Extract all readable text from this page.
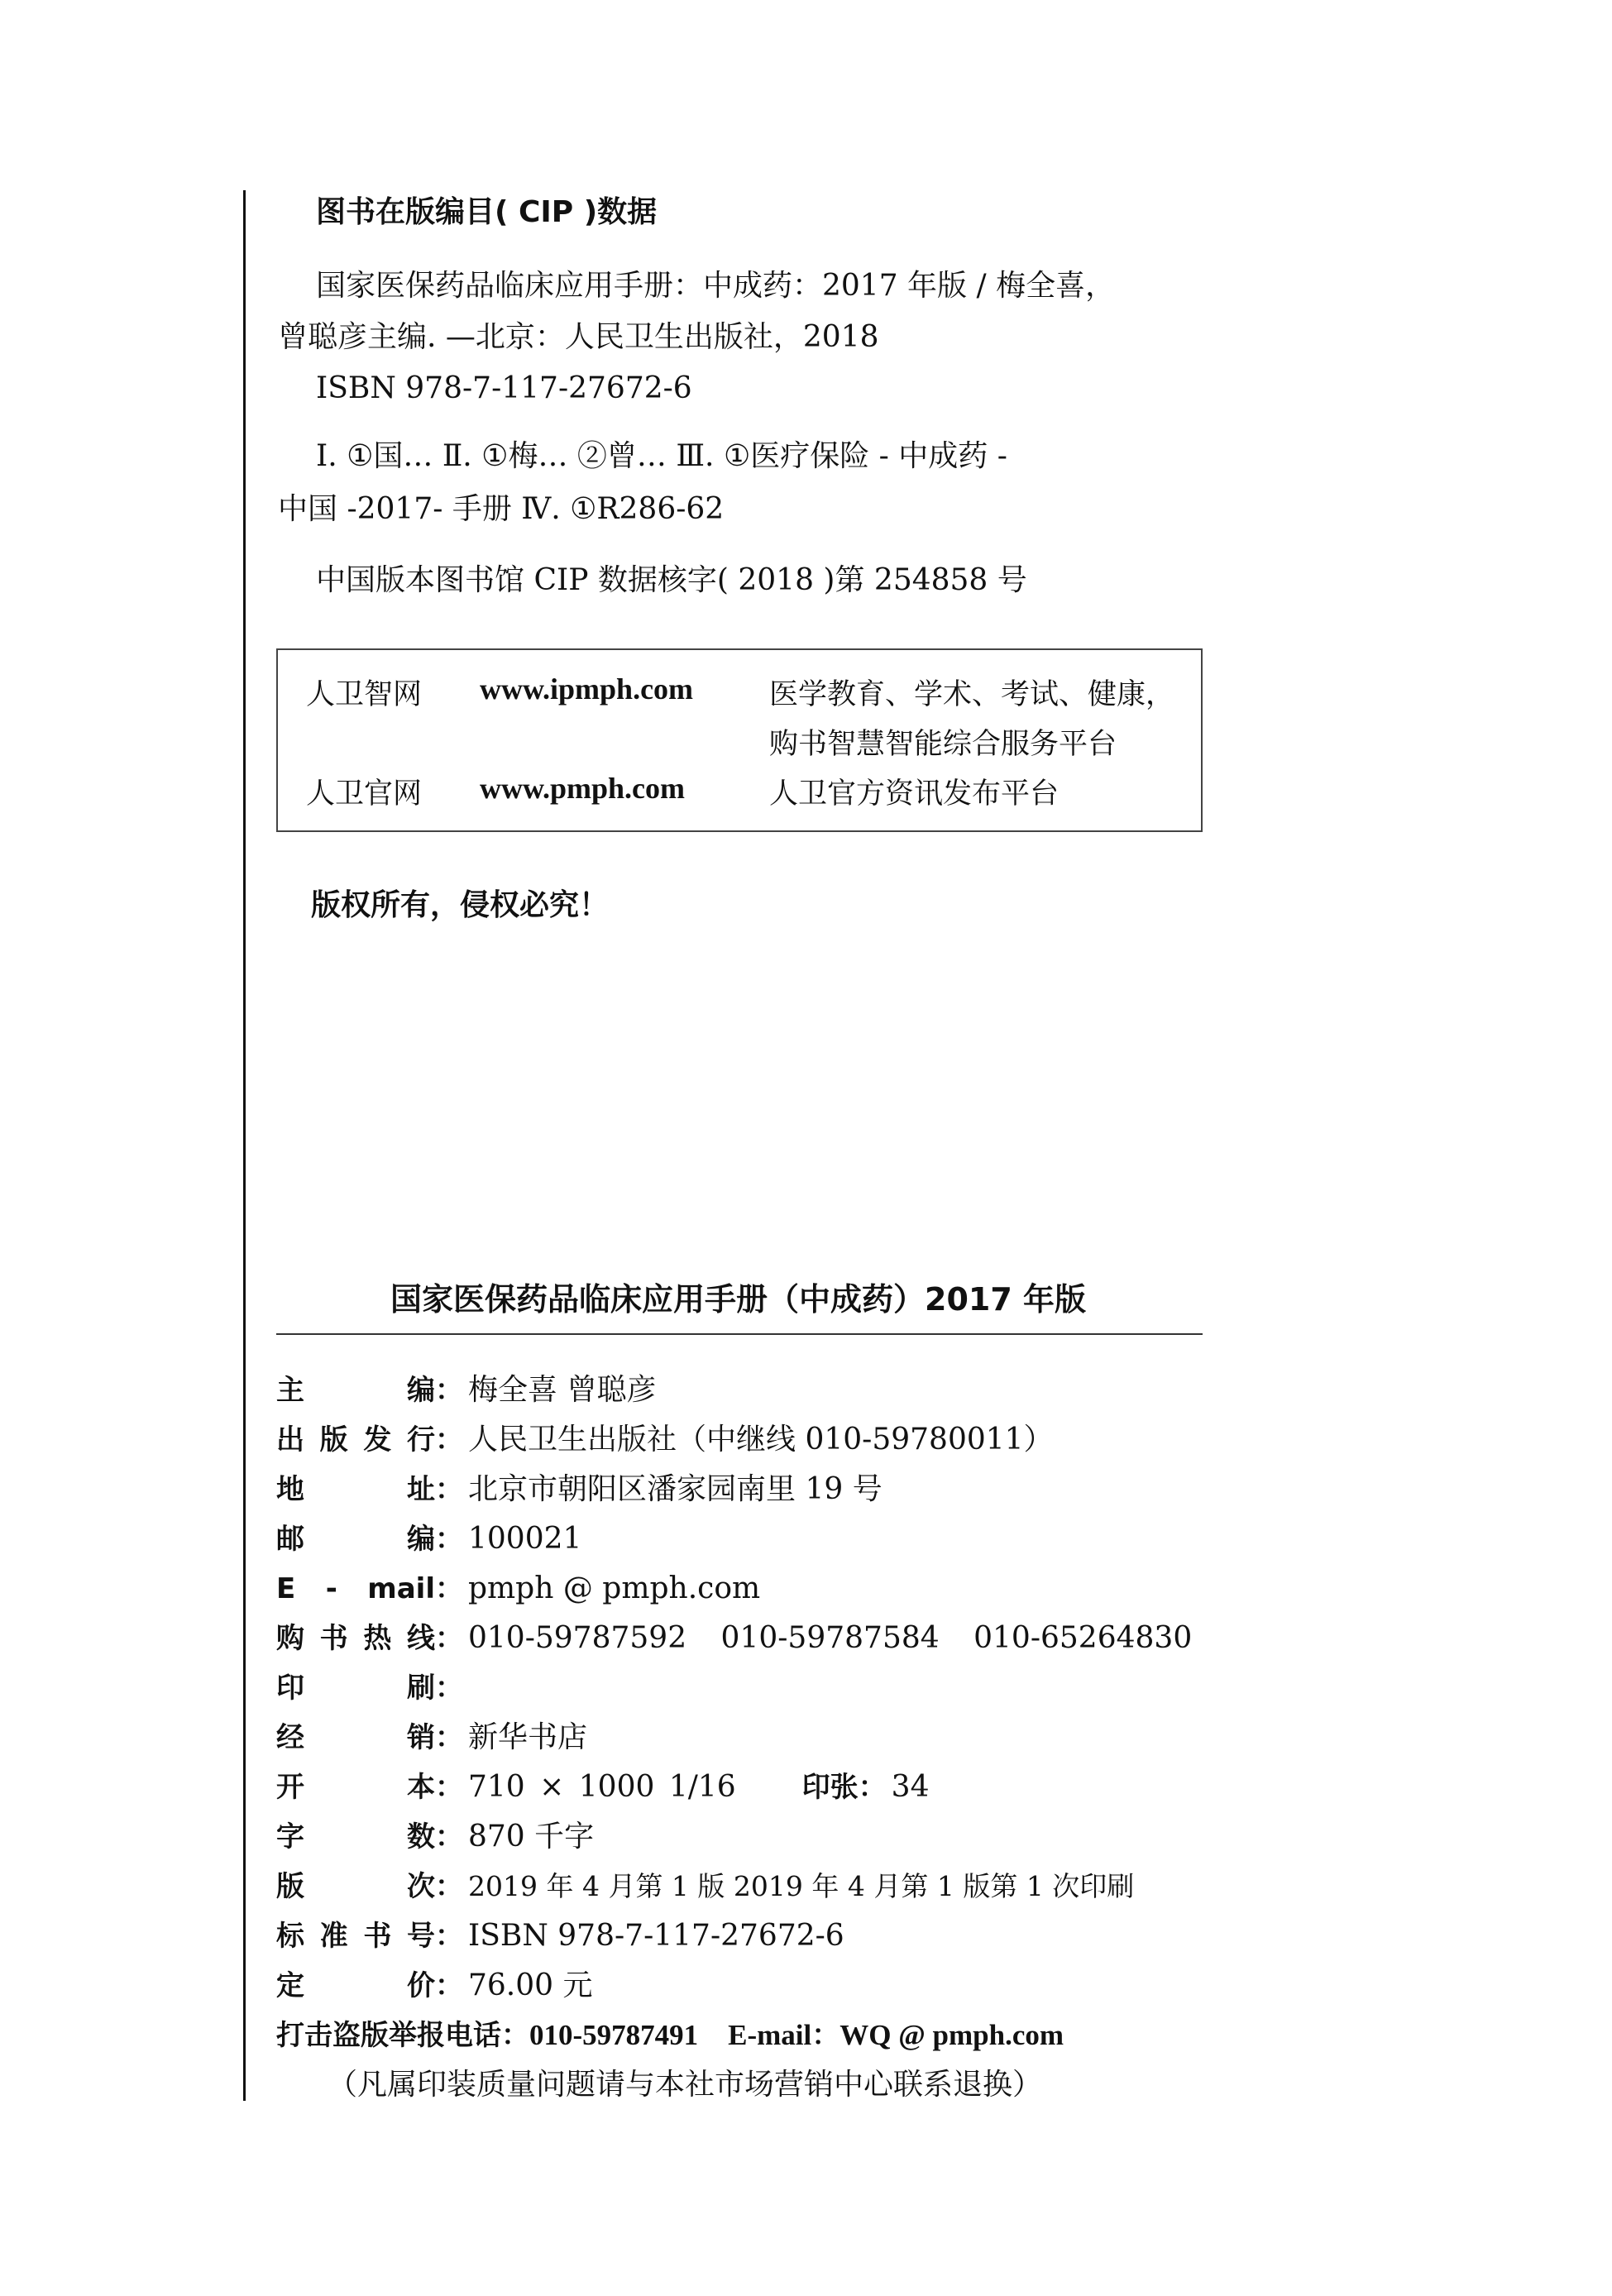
图书在版编目( CIP )数据
国家医保药品临床应用手册：中成药：2017 年版 / 梅全喜，
曾聪彦主编. —北京：人民卫生出版社，2018
ISBN 978-7-117-27672-6
Ⅰ. ①国… Ⅱ. ①梅… ②曾… Ⅲ. ①医疗保险 - 中成药 -
中国 -2017- 手册 Ⅳ. ①R286-62
中国版本图书馆 CIP 数据核字( 2018 )第 254858 号
人卫智网 www.ipmph.com	医学教育、学术、考试、健康，
购书智慧智能综合服务平台
人卫官网 www.pmph.com	人卫官方资讯发布平台
版权所有，侵权必究！
国家医保药品临床应用手册（中成药）2017 年版
主 编： 梅全喜 曾聪彦
出版发行： 人民卫生出版社（中继线 010-59780011）
地 址： 北京市朝阳区潘家园南里 19 号
邮 编： 100021
E - mail： pmph @ pmph.com
购书热线： 010-59787592 010-59787584 010-65264830
印 刷：
经 销： 新华书店
开 本： 710 × 1000 1/16 印张： 34
字 数： 870 千字
版 次： 2019 年 4 月第 1 版 2019 年 4 月第 1 版第 1 次印刷
标准书号： ISBN 978-7-117-27672-6
定 价： 76.00 元
打击盗版举报电话：010-59787491 E-mail：WQ @ pmph.com
（凡属印装质量问题请与本社市场营销中心联系退换）
